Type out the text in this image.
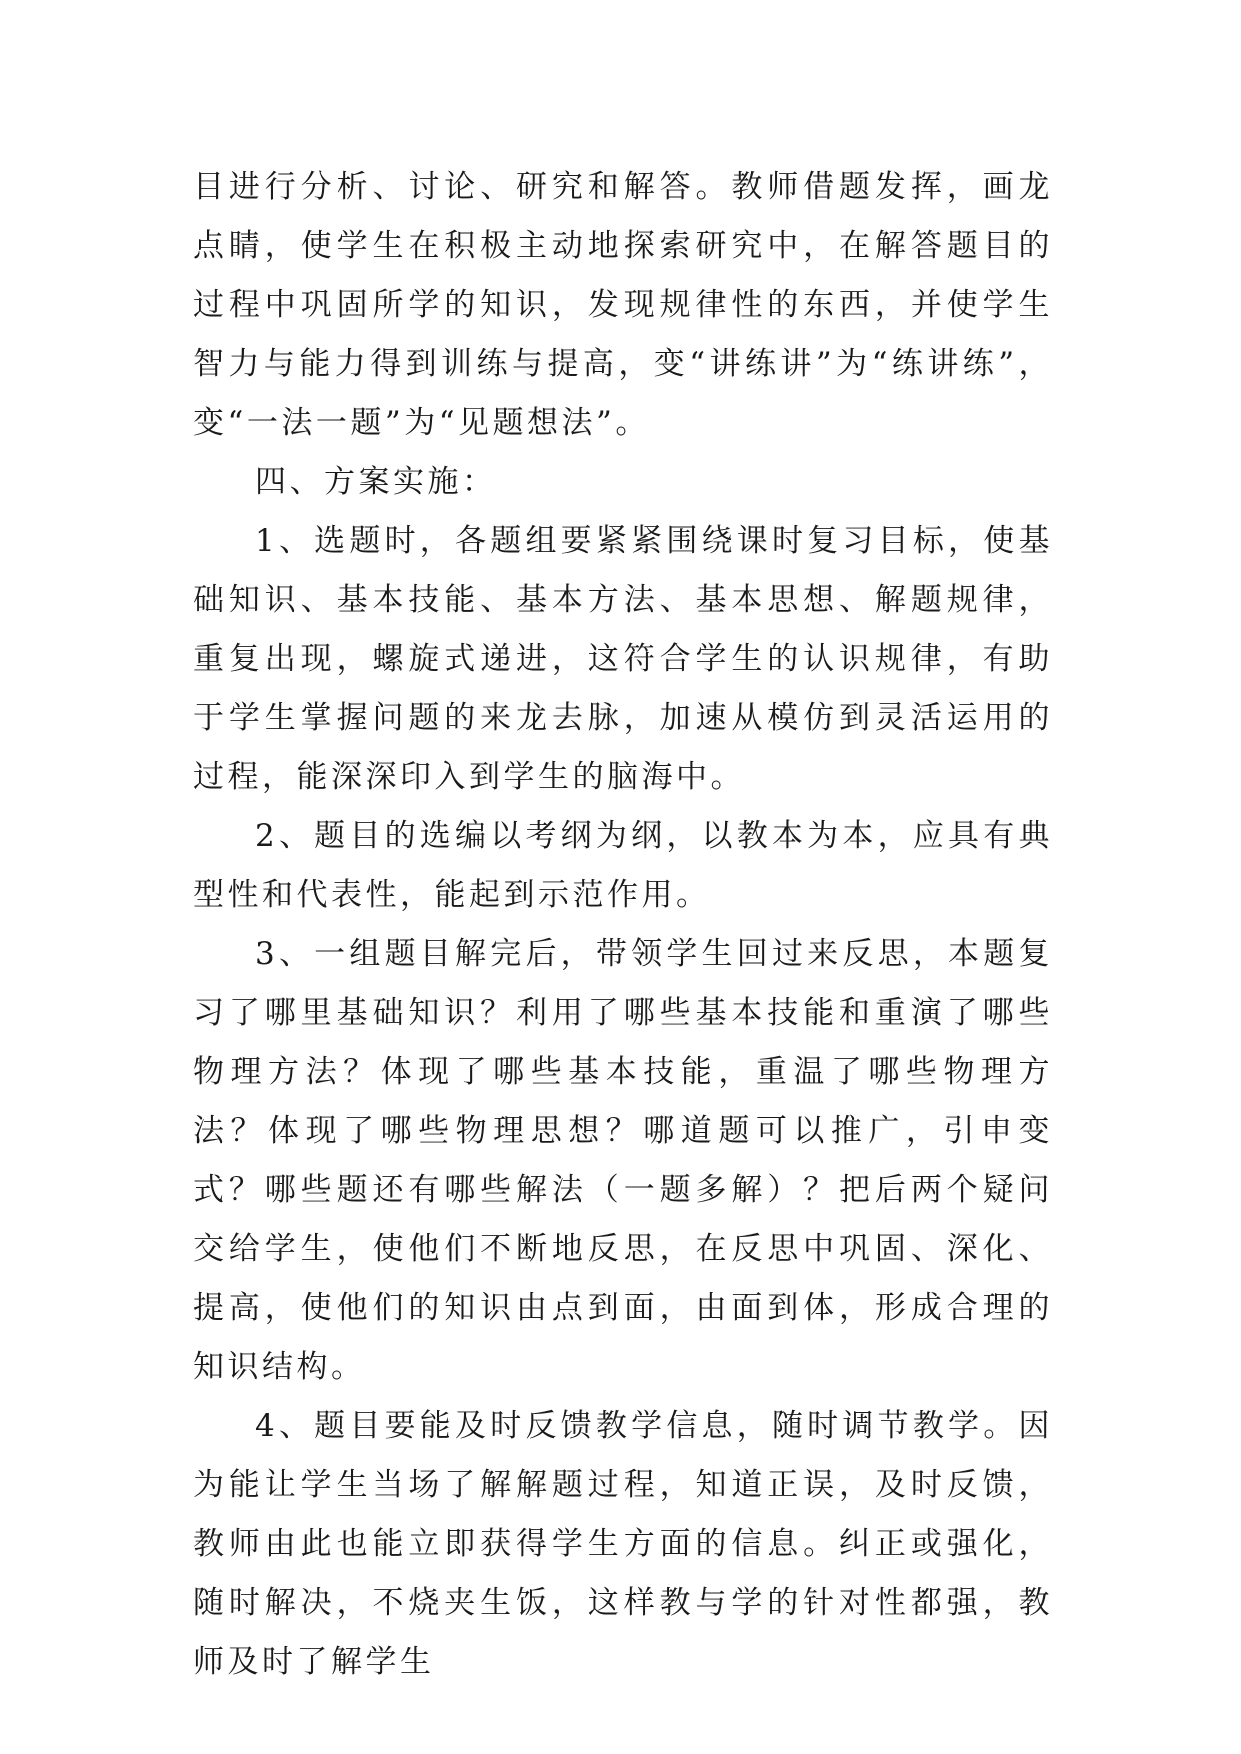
目进行分析、讨论、研究和解答。教师借题发挥，画龙点睛，使学生在积极主动地探索研究中，在解答题目的过程中巩固所学的知识，发现规律性的东西，并使学生智力与能力得到训练与提高，变“讲练讲”为“练讲练”，变“一法一题”为“见题想法”。

四、方案实施：

1、选题时，各题组要紧紧围绕课时复习目标，使基础知识、基本技能、基本方法、基本思想、解题规律，重复出现，螺旋式递进，这符合学生的认识规律，有助于学生掌握问题的来龙去脉，加速从模仿到灵活运用的过程，能深深印入到学生的脑海中。

2、题目的选编以考纲为纲，以教本为本，应具有典型性和代表性，能起到示范作用。

3、一组题目解完后，带领学生回过来反思，本题复习了哪里基础知识？利用了哪些基本技能和重演了哪些物理方法？体现了哪些基本技能，重温了哪些物理方法？体现了哪些物理思想？哪道题可以推广，引申变式？哪些题还有哪些解法（一题多解）？把后两个疑问交给学生，使他们不断地反思，在反思中巩固、深化、提高，使他们的知识由点到面，由面到体，形成合理的知识结构。

4、题目要能及时反馈教学信息，随时调节教学。因为能让学生当场了解解题过程，知道正误，及时反馈，教师由此也能立即获得学生方面的信息。纠正或强化，随时解决，不烧夹生饭，这样教与学的针对性都强，教师及时了解学生
